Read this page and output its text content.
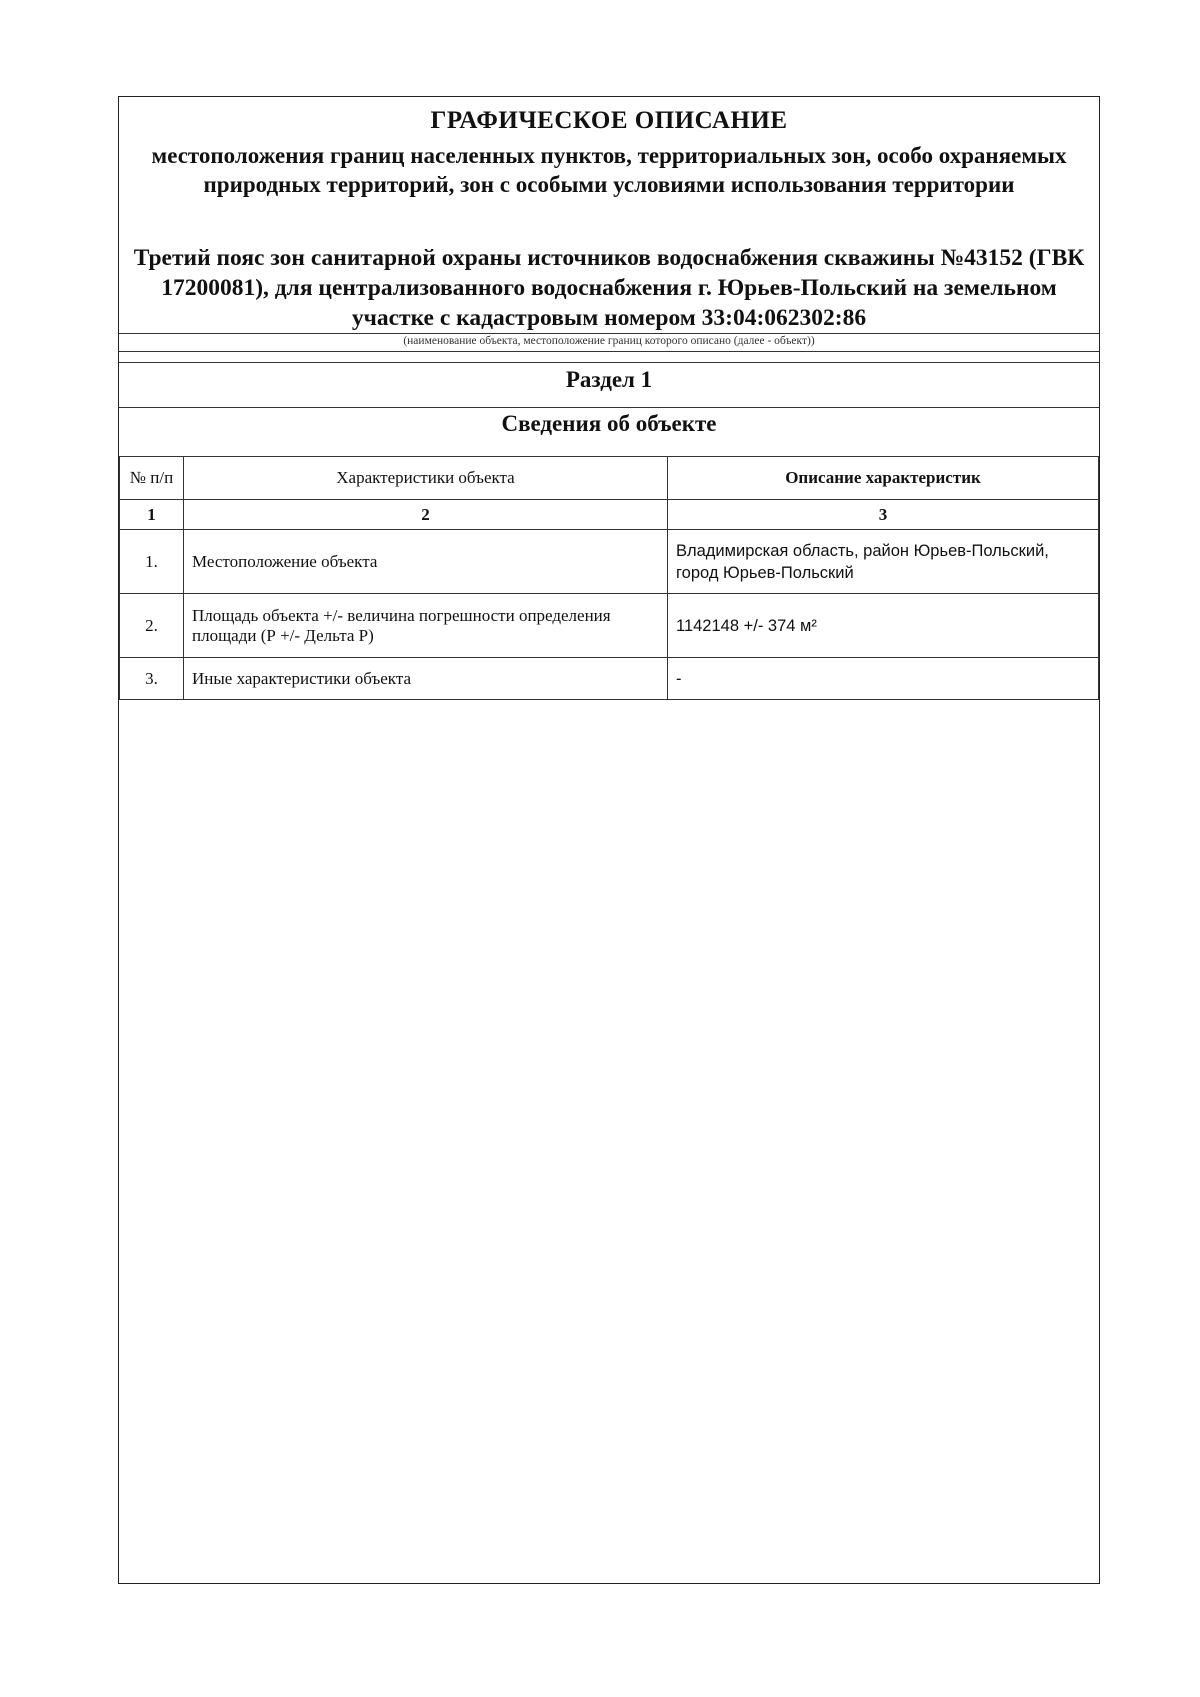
ГРАФИЧЕСКОЕ ОПИСАНИЕ
местоположения границ населенных пунктов, территориальных зон, особо охраняемых природных территорий, зон с особыми условиями использования территории
Третий пояс зон санитарной охраны источников водоснабжения скважины №43152 (ГВК 17200081), для централизованного водоснабжения г. Юрьев-Польский на земельном участке с кадастровым номером 33:04:062302:86
(наименование объекта, местоположение границ которого описано (далее - объект))
Раздел 1
Сведения об объекте
№ п/п	Характеристики объекта	Описание характеристик
1	2	3
1.	Местоположение объекта	Владимирская область, район Юрьев-Польский, город Юрьев-Польский
2.	Площадь объекта +/- величина погрешности определения площади (Р +/- Дельта Р)	1142148 +/- 374 м²
3.	Иные характеристики объекта	-
